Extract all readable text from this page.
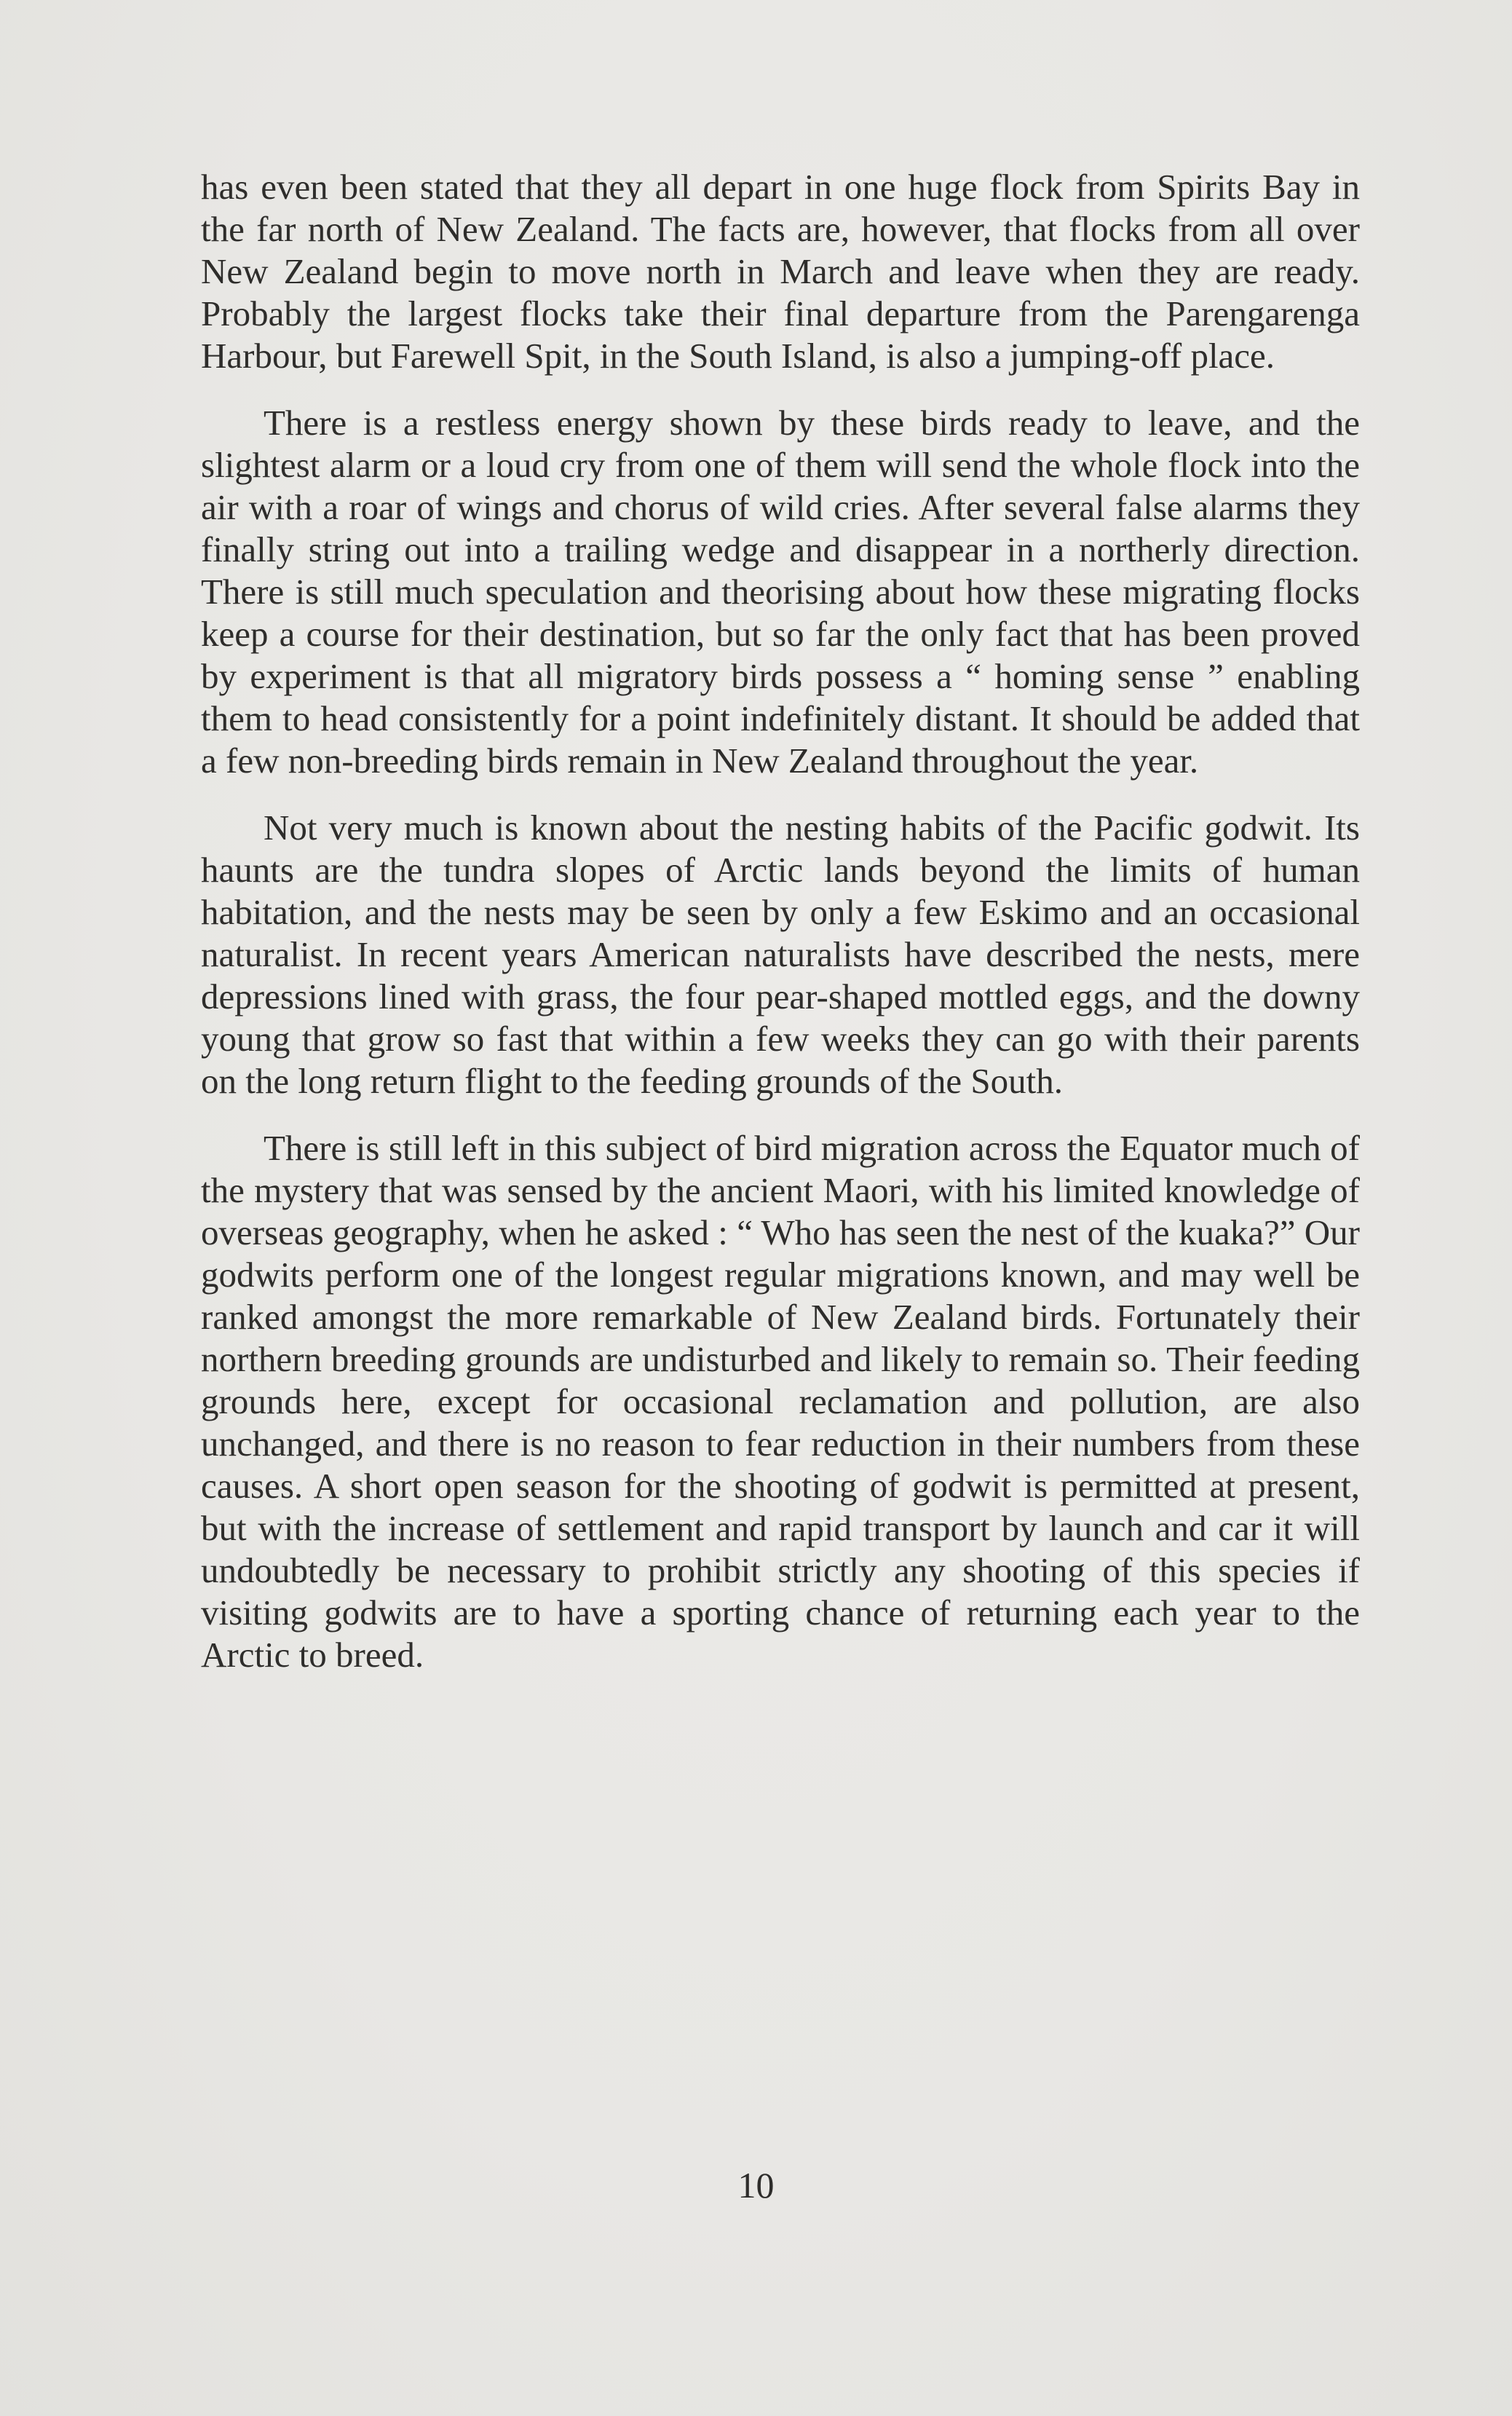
has even been stated that they all depart in one huge flock from Spirits Bay in the far north of New Zealand. The facts are, however, that flocks from all over New Zealand begin to move north in March and leave when they are ready. Probably the largest flocks take their final departure from the Parengarenga Harbour, but Farewell Spit, in the South Island, is also a jumping-off place.

There is a restless energy shown by these birds ready to leave, and the slightest alarm or a loud cry from one of them will send the whole flock into the air with a roar of wings and chorus of wild cries. After several false alarms they finally string out into a trailing wedge and disappear in a northerly direction. There is still much speculation and theorising about how these migrating flocks keep a course for their destination, but so far the only fact that has been proved by experiment is that all migratory birds possess a “ homing sense ” enabling them to head consistently for a point indefinitely distant. It should be added that a few non-breeding birds remain in New Zealand throughout the year.

Not very much is known about the nesting habits of the Pacific godwit. Its haunts are the tundra slopes of Arctic lands beyond the limits of human habitation, and the nests may be seen by only a few Eskimo and an occasional naturalist. In recent years American naturalists have described the nests, mere depressions lined with grass, the four pear-shaped mottled eggs, and the downy young that grow so fast that within a few weeks they can go with their parents on the long return flight to the feeding grounds of the South.

There is still left in this subject of bird migration across the Equator much of the mystery that was sensed by the ancient Maori, with his limited knowledge of overseas geography, when he asked : “ Who has seen the nest of the kuaka?” Our godwits perform one of the longest regular migrations known, and may well be ranked amongst the more remarkable of New Zealand birds. Fortunately their northern breeding grounds are undisturbed and likely to remain so. Their feeding grounds here, except for occasional reclamation and pollution, are also unchanged, and there is no reason to fear reduction in their numbers from these causes. A short open season for the shooting of godwit is permitted at present, but with the increase of settlement and rapid transport by launch and car it will undoubtedly be necessary to prohibit strictly any shooting of this species if visiting godwits are to have a sporting chance of returning each year to the Arctic to breed.

10
